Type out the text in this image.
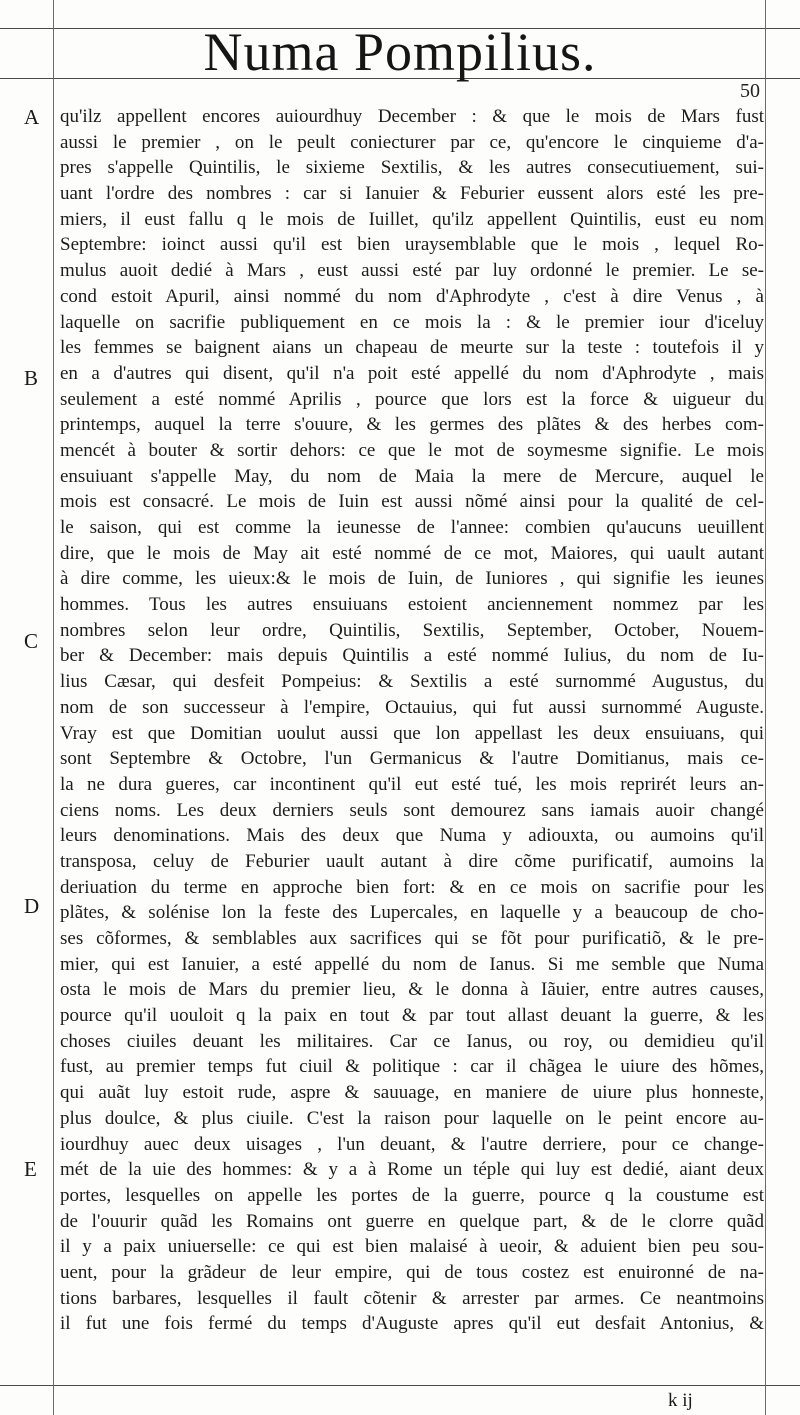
Numa Pompilius.
50
A
B
C
D
E
qu'ilz appellent encores auiourdhuy December : & que le mois de Mars fust
aussi le premier , on le peult coniecturer par ce, qu'encore le cinquieme d'a-
pres s'appelle Quintilis, le sixieme Sextilis, & les autres consecutiuement, sui-
uant l'ordre des nombres : car si Ianuier & Feburier eussent alors esté les pre-
miers, il eust fallu q le mois de Iuillet, qu'ilz appellent Quintilis, eust eu nom
Septembre: ioinct aussi qu'il est bien uraysemblable que le mois , lequel Ro-
mulus auoit dedié à Mars , eust aussi esté par luy ordonné le premier. Le se-
cond estoit Apuril, ainsi nommé du nom d'Aphrodyte , c'est à dire Venus , à
laquelle on sacrifie publiquement en ce mois la : & le premier iour d'iceluy
les femmes se baignent aians un chapeau de meurte sur la teste : toutefois il y
en a d'autres qui disent, qu'il n'a poit esté appellé du nom d'Aphrodyte , mais
seulement a esté nommé Aprilis , pource que lors est la force & uigueur du
printemps, auquel la terre s'ouure, & les germes des plãtes & des herbes com-
mencét à bouter & sortir dehors: ce que le mot de soymesme signifie. Le mois
ensuiuant s'appelle May, du nom de Maia la mere de Mercure, auquel le
mois est consacré. Le mois de Iuin est aussi nõmé ainsi pour la qualité de cel-
le saison, qui est comme la ieunesse de l'annee: combien qu'aucuns ueuillent
dire, que le mois de May ait esté nommé de ce mot, Maiores, qui uault autant
à dire comme, les uieux:& le mois de Iuin, de Iuniores , qui signifie les ieunes
hommes. Tous les autres ensuiuans estoient anciennement nommez par les
nombres selon leur ordre, Quintilis, Sextilis, September, October, Nouem-
ber & December: mais depuis Quintilis a esté nommé Iulius, du nom de Iu-
lius Cæsar, qui desfeit Pompeius: & Sextilis a esté surnommé Augustus, du
nom de son successeur à l'empire, Octauius, qui fut aussi surnommé Auguste.
Vray est que Domitian uoulut aussi que lon appellast les deux ensuiuans, qui
sont Septembre & Octobre, l'un Germanicus & l'autre Domitianus, mais ce-
la ne dura gueres, car incontinent qu'il eut esté tué, les mois reprirét leurs an-
ciens noms. Les deux derniers seuls sont demourez sans iamais auoir changé
leurs denominations. Mais des deux que Numa y adiouxta, ou aumoins qu'il
transposa, celuy de Feburier uault autant à dire cõme purificatif, aumoins la
deriuation du terme en approche bien fort: & en ce mois on sacrifie pour les
plãtes, & solénise lon la feste des Lupercales, en laquelle y a beaucoup de cho-
ses cõformes, & semblables aux sacrifices qui se fõt pour purificatiõ, & le pre-
mier, qui est Ianuier, a esté appellé du nom de Ianus. Si me semble que Numa
osta le mois de Mars du premier lieu, & le donna à Iãuier, entre autres causes,
pource qu'il uouloit q la paix en tout & par tout allast deuant la guerre, & les
choses ciuiles deuant les militaires. Car ce Ianus, ou roy, ou demidieu qu'il
fust, au premier temps fut ciuil & politique : car il chãgea le uiure des hõmes,
qui auãt luy estoit rude, aspre & sauuage, en maniere de uiure plus honneste,
plus doulce, & plus ciuile. C'est la raison pour laquelle on le peint encore au-
iourdhuy auec deux uisages , l'un deuant, & l'autre derriere, pour ce change-
mét de la uie des hommes: & y a à Rome un téple qui luy est dedié, aiant deux
portes, lesquelles on appelle les portes de la guerre, pource q la coustume est
de l'ouurir quãd les Romains ont guerre en quelque part, & de le clorre quãd
il y a paix uniuerselle: ce qui est bien malaisé à ueoir, & aduient bien peu sou-
uent, pour la grãdeur de leur empire, qui de tous costez est enuironné de na-
tions barbares, lesquelles il fault cõtenir & arrester par armes. Ce neantmoins
il fut une fois fermé du temps d'Auguste apres qu'il eut desfait Antonius, &
k ij
